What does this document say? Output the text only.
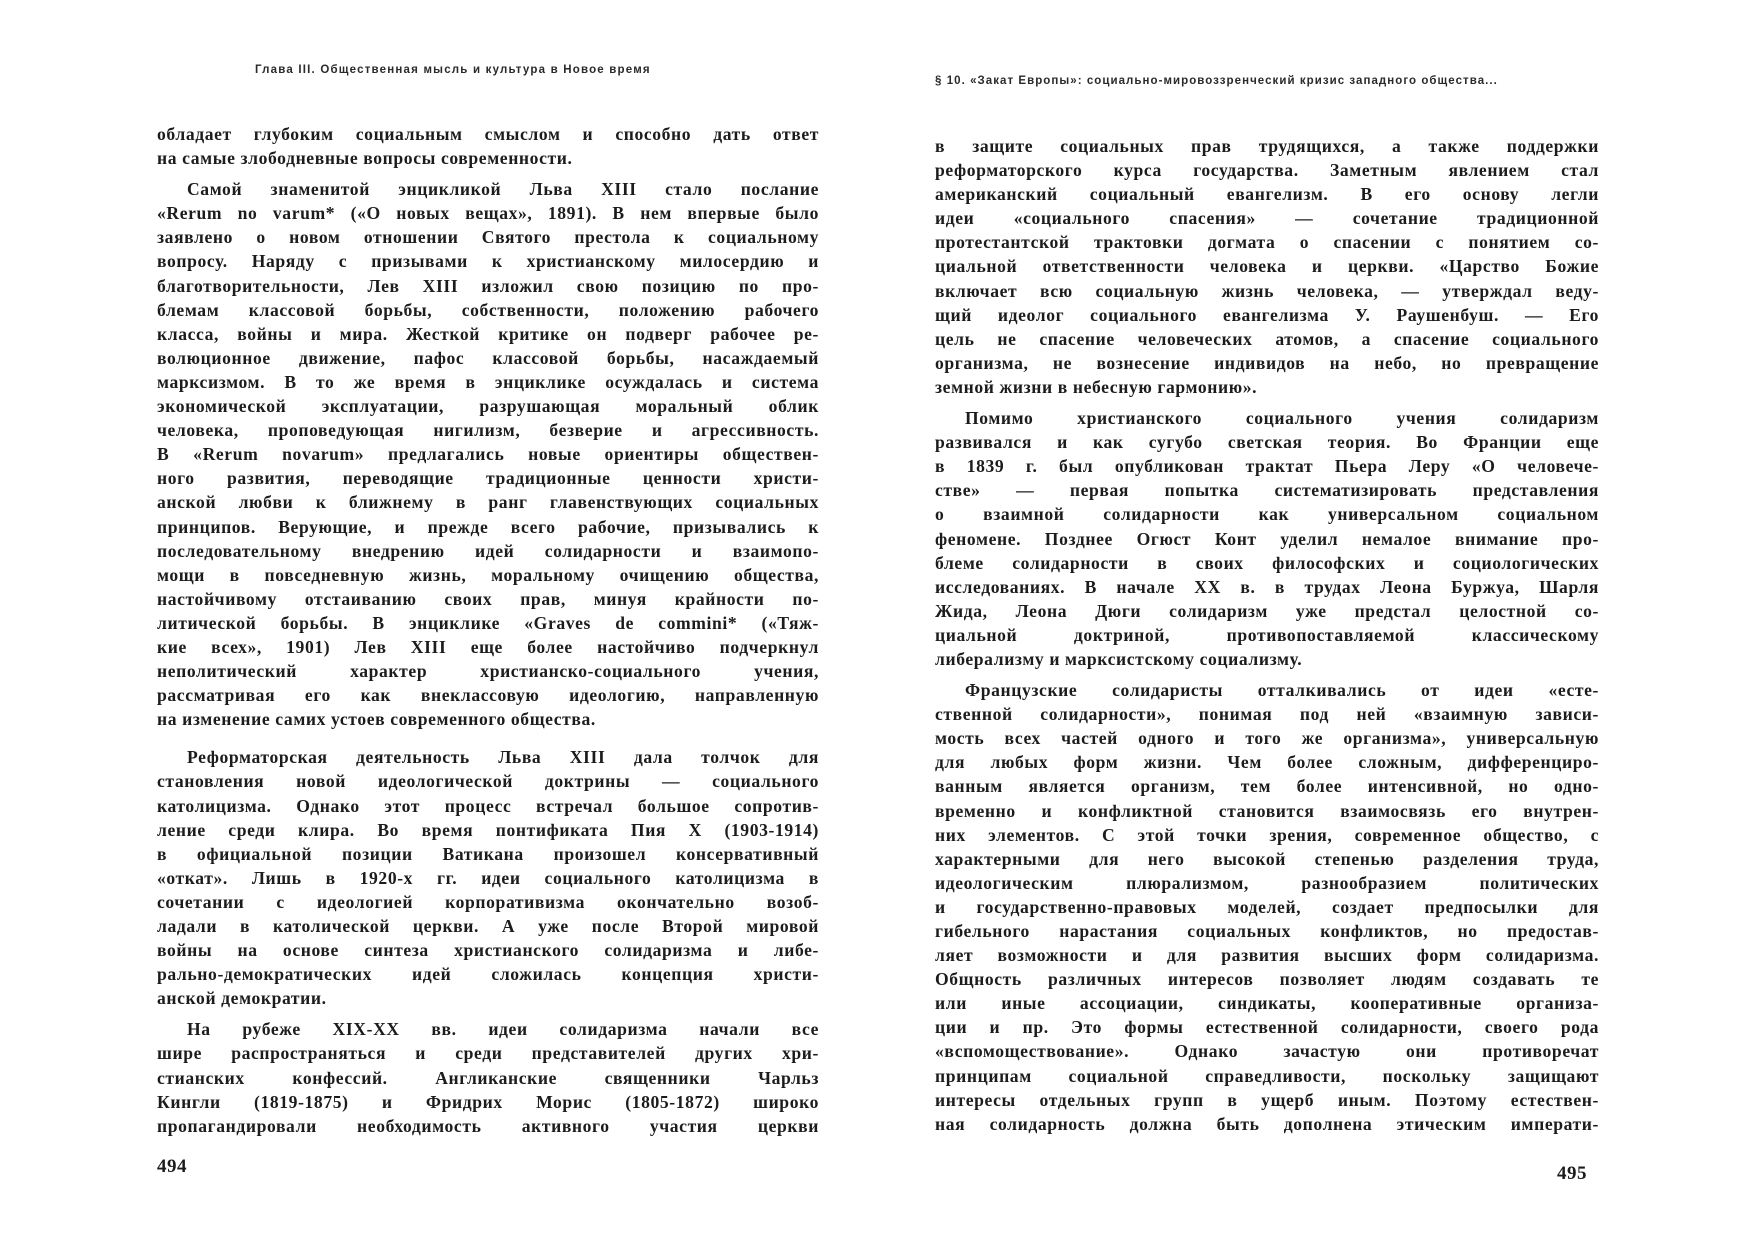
Глава III. Общественная мысль и культура в Новое время
обладает глубоким социальным смыслом и способно дать ответ
на самые злободневные вопросы современности.
Самой знаменитой энцикликой Льва XIII стало послание
«Rerum no varum* («О новых вещах», 1891). В нем впервые было
заявлено о новом отношении Святого престола к социальному
вопросу. Наряду с призывами к христианскому милосердию и
благотворительности, Лев XIII изложил свою позицию по про-
блемам классовой борьбы, собственности, положению рабочего
класса, войны и мира. Жесткой критике он подверг рабочее ре-
волюционное движение, пафос классовой борьбы, насаждаемый
марксизмом. В то же время в энциклике осуждалась и система
экономической эксплуатации, разрушающая моральный облик
человека, проповедующая нигилизм, безверие и агрессивность.
В «Rerum novarum» предлагались новые ориентиры обществен-
ного развития, переводящие традиционные ценности христи-
анской любви к ближнему в ранг главенствующих социальных
принципов. Верующие, и прежде всего рабочие, призывались к
последовательному внедрению идей солидарности и взаимопо-
мощи в повседневную жизнь, моральному очищению общества,
настойчивому отстаиванию своих прав, минуя крайности по-
литической борьбы. В энциклике «Graves de commini* («Тяж-
кие всех», 1901) Лев XIII еще более настойчиво подчеркнул
неполитический характер христианско-социального учения,
рассматривая его как внеклассовую идеологию, направленную
на изменение самих устоев современного общества.
Реформаторская деятельность Льва XIII дала толчок для
становления новой идеологической доктрины — социального
католицизма. Однако этот процесс встречал большое сопротив-
ление среди клира. Во время понтификата Пия X (1903-1914)
в официальной позиции Ватикана произошел консервативный
«откат». Лишь в 1920-х гг. идеи социального католицизма в
сочетании с идеологией корпоративизма окончательно возоб-
ладали в католической церкви. А уже после Второй мировой
войны на основе синтеза христианского солидаризма и либе-
рально-демократических идей сложилась концепция христи-
анской демократии.
На рубеже XIX-XX вв. идеи солидаризма начали все
шире распространяться и среди представителей других хри-
стианских конфессий. Англиканские священники Чарльз
Кингли (1819-1875) и Фридрих Морис (1805-1872) широко
пропагандировали необходимость активного участия церкви
494
§ 10. «Закат Европы»: социально-мировоззренческий кризис западного общества...
в защите социальных прав трудящихся, а также поддержки
реформаторского курса государства. Заметным явлением стал
американский социальный евангелизм. В его основу легли
идеи «социального спасения» — сочетание традиционной
протестантской трактовки догмата о спасении с понятием со-
циальной ответственности человека и церкви. «Царство Божие
включает всю социальную жизнь человека, — утверждал веду-
щий идеолог социального евангелизма У. Раушенбуш. — Его
цель не спасение человеческих атомов, а спасение социального
организма, не вознесение индивидов на небо, но превращение
земной жизни в небесную гармонию».
Помимо христианского социального учения солидаризм
развивался и как сугубо светская теория. Во Франции еще
в 1839 г. был опубликован трактат Пьера Леру «О человече-
стве» — первая попытка систематизировать представления
о взаимной солидарности как универсальном социальном
феномене. Позднее Огюст Конт уделил немалое внимание про-
блеме солидарности в своих философских и социологических
исследованиях. В начале XX в. в трудах Леона Буржуа, Шарля
Жида, Леона Дюги солидаризм уже предстал целостной со-
циальной доктриной, противопоставляемой классическому
либерализму и марксистскому социализму.
Французские солидаристы отталкивались от идеи «есте-
ственной солидарности», понимая под ней «взаимную зависи-
мость всех частей одного и того же организма», универсальную
для любых форм жизни. Чем более сложным, дифференциро-
ванным является организм, тем более интенсивной, но одно-
временно и конфликтной становится взаимосвязь его внутрен-
них элементов. С этой точки зрения, современное общество, с
характерными для него высокой степенью разделения труда,
идеологическим плюрализмом, разнообразием политических
и государственно-правовых моделей, создает предпосылки для
гибельного нарастания социальных конфликтов, но предостав-
ляет возможности и для развития высших форм солидаризма.
Общность различных интересов позволяет людям создавать те
или иные ассоциации, синдикаты, кооперативные организа-
ции и пр. Это формы естественной солидарности, своего рода
«вспомоществование». Однако зачастую они противоречат
принципам социальной справедливости, поскольку защищают
интересы отдельных групп в ущерб иным. Поэтому естествен-
ная солидарность должна быть дополнена этическим императи-
495
